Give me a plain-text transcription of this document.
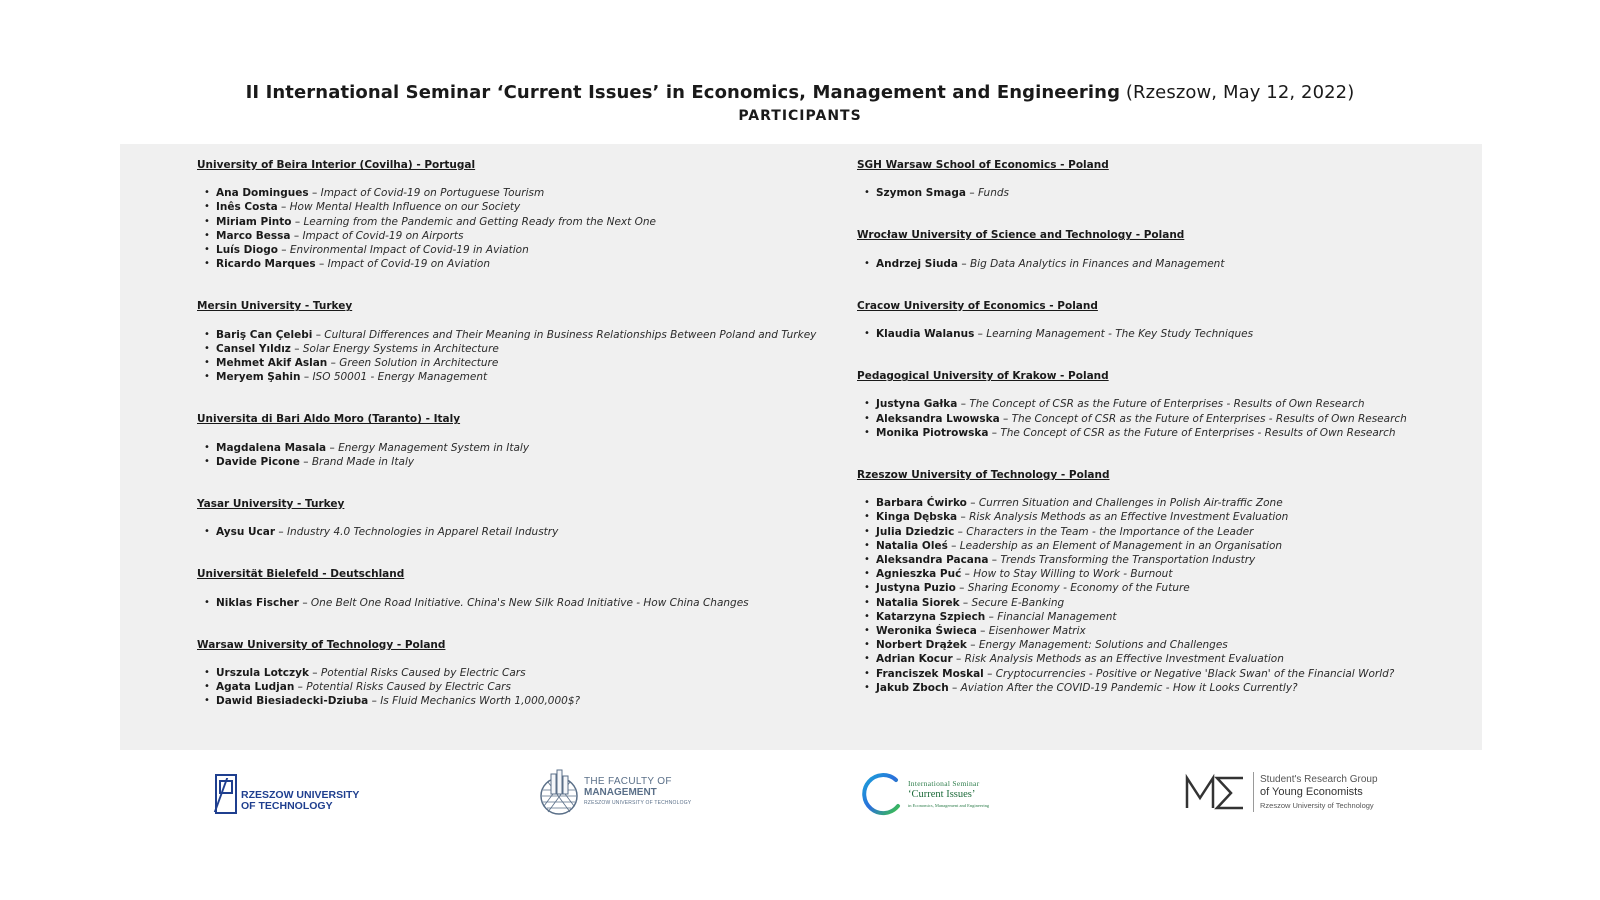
II International Seminar ‘Current Issues’ in Economics, Management and Engineering (Rzeszow, May 12, 2022)
PARTICIPANTS
University of Beira Interior (Covilha) - Portugal
• Ana Domingues – Impact of Covid-19 on Portuguese Tourism
• Inês Costa – How Mental Health Influence on our Society
• Miriam Pinto – Learning from the Pandemic and Getting Ready from the Next One
• Marco Bessa – Impact of Covid-19 on Airports
• Luís Diogo – Environmental Impact of Covid-19 in Aviation
• Ricardo Marques – Impact of Covid-19 on Aviation
Mersin University - Turkey
• Bariş Can Çelebi – Cultural Differences and Their Meaning in Business Relationships Between Poland and Turkey
• Cansel Yıldız – Solar Energy Systems in Architecture
• Mehmet Akif Aslan – Green Solution in Architecture
• Meryem Şahin – ISO 50001 - Energy Management
Universita di Bari Aldo Moro (Taranto) - Italy
• Magdalena Masala – Energy Management System in Italy
• Davide Picone – Brand Made in Italy
Yasar University - Turkey
• Aysu Ucar – Industry 4.0 Technologies in Apparel Retail Industry
Universität Bielefeld - Deutschland
• Niklas Fischer – One Belt One Road Initiative. China's New Silk Road Initiative - How China Changes
Warsaw University of Technology - Poland
• Urszula Lotczyk – Potential Risks Caused by Electric Cars
• Agata Ludjan – Potential Risks Caused by Electric Cars
• Dawid Biesiadecki-Dziuba – Is Fluid Mechanics Worth 1,000,000$?
SGH Warsaw School of Economics - Poland
• Szymon Smaga – Funds
Wrocław University of Science and Technology - Poland
• Andrzej Siuda – Big Data Analytics in Finances and Management
Cracow University of Economics - Poland
• Klaudia Walanus – Learning Management - The Key Study Techniques
Pedagogical University of Krakow - Poland
• Justyna Gałka – The Concept of CSR as the Future of Enterprises - Results of Own Research
• Aleksandra Lwowska – The Concept of CSR as the Future of Enterprises - Results of Own Research
• Monika Piotrowska – The Concept of CSR as the Future of Enterprises - Results of Own Research
Rzeszow University of Technology - Poland
• Barbara Ćwirko – Currren Situation and Challenges in Polish Air-traffic Zone
• Kinga Dębska – Risk Analysis Methods as an Effective Investment Evaluation
• Julia Dziedzic – Characters in the Team - the Importance of the Leader
• Natalia Oleś – Leadership as an Element of Management in an Organisation
• Aleksandra Pacana – Trends Transforming the Transportation Industry
• Agnieszka Puć – How to Stay Willing to Work - Burnout
• Justyna Puzio – Sharing Economy - Economy of the Future
• Natalia Siorek – Secure E-Banking
• Katarzyna Szpiech – Financial Management
• Weronika Świeca – Eisenhower Matrix
• Norbert Drążek – Energy Management: Solutions and Challenges
• Adrian Kocur – Risk Analysis Methods as an Effective Investment Evaluation
• Franciszek Moskal – Cryptocurrencies - Positive or Negative 'Black Swan' of the Financial World?
• Jakub Zboch – Aviation After the COVID-19 Pandemic - How it Looks Currently?
RZESZOW UNIVERSITY
OF TECHNOLOGY
THE FACULTY OF
MANAGEMENT
RZESZOW UNIVERSITY OF TECHNOLOGY
International Seminar
‘Current Issues’
in Economics, Management and Engineering
Student's Research Group
of Young Economists
Rzeszow University of Technology
